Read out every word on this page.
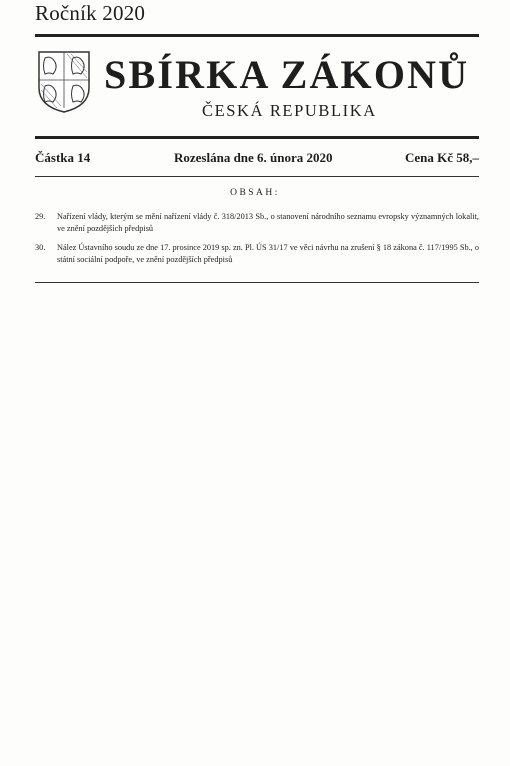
Ročník 2020
SBÍRKA ZÁKONŮ
ČESKÁ REPUBLIKA
Částka 14	Rozeslána dne 6. února 2020	Cena Kč 58,–
OBSAH:
29. Nařízení vlády, kterým se mění nařízení vlády č. 318/2013 Sb., o stanovení národního seznamu evropsky významných lokalit, ve znění pozdějších předpisů
30. Nález Ústavního soudu ze dne 17. prosince 2019 sp. zn. Pl. ÚS 31/17 ve věci návrhu na zrušení § 18 zákona č. 117/1995 Sb., o státní sociální podpoře, ve znění pozdějších předpisů
